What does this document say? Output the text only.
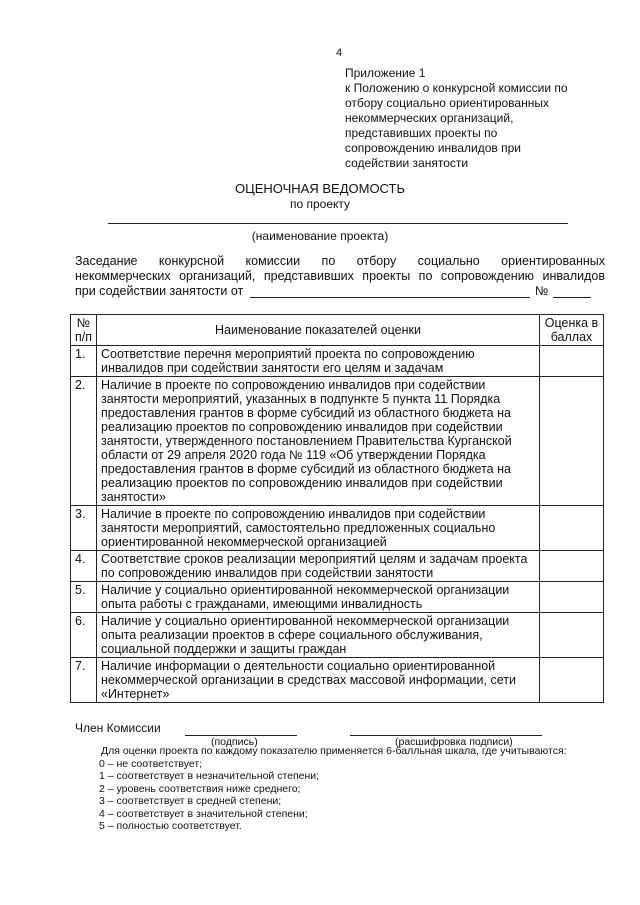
4
Приложение 1
к Положению о конкурсной комиссии по
отбору социально ориентированных
некоммерческих организаций,
представивших проекты по
сопровождению инвалидов при
содействии занятости
ОЦЕНОЧНАЯ ВЕДОМОСТЬ
по проекту
(наименование проекта)
Заседание конкурсной комиссии по отбору социально ориентированных
некоммерческих организаций, представивших проекты по сопровождению инвалидов
при содействии занятости от	№
№ п/п	Наименование показателей оценки	Оценка в баллах
1.	Соответствие перечня мероприятий проекта по сопровождению инвалидов при содействии занятости его целям и задачам	
2.	Наличие в проекте по сопровождению инвалидов при содействии занятости мероприятий, указанных в подпункте 5 пункта 11 Порядка предоставления грантов в форме субсидий из областного бюджета на реализацию проектов по сопровождению инвалидов при содействии занятости, утвержденного постановлением Правительства Курганской области от 29 апреля 2020 года № 119 «Об утверждении Порядка предоставления грантов в форме субсидий из областного бюджета на реализацию проектов по сопровождению инвалидов при содействии занятости»	
3.	Наличие в проекте по сопровождению инвалидов при содействии занятости мероприятий, самостоятельно предложенных социально ориентированной некоммерческой организацией	
4.	Соответствие сроков реализации мероприятий целям и задачам проекта по сопровождению инвалидов при содействии занятости	
5.	Наличие у социально ориентированной некоммерческой организации опыта работы с гражданами, имеющими инвалидность	
6.	Наличие у социально ориентированной некоммерческой организации опыта реализации проектов в сфере социального обслуживания, социальной поддержки и защиты граждан	
7.	Наличие информации о деятельности социально ориентированной некоммерческой организации в средствах массовой информации, сети «Интернет»	
Член Комиссии
(подпись)	(расшифровка подписи)
Для оценки проекта по каждому показателю применяется 6-балльная шкала, где учитываются:
0 – не соответствует;
1 – соответствует в незначительной степени;
2 – уровень соответствия ниже среднего;
3 – соответствует в средней степени;
4 – соответствует в значительной степени;
5 – полностью соответствует.
